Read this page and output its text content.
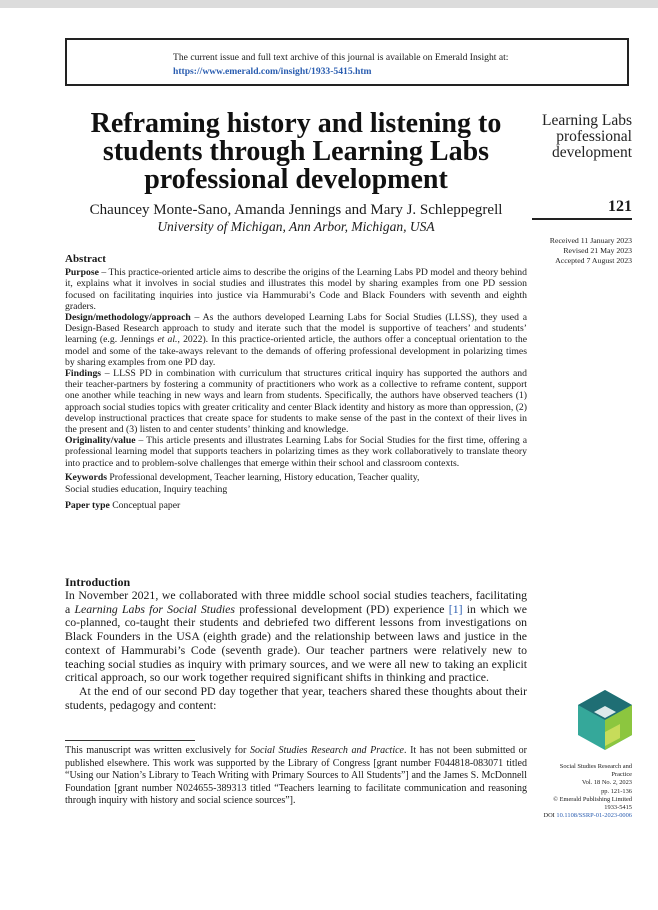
The current issue and full text archive of this journal is available on Emerald Insight at:
https://www.emerald.com/insight/1933-5415.htm
Reframing history and listening to students through Learning Labs professional development
Learning Labs professional development
121
Received 11 January 2023
Revised 21 May 2023
Accepted 7 August 2023
Chauncey Monte-Sano, Amanda Jennings and Mary J. Schleppegrell
University of Michigan, Ann Arbor, Michigan, USA
Abstract

Purpose – This practice-oriented article aims to describe the origins of the Learning Labs PD model and theory behind it, explains what it involves in social studies and illustrates this model by sharing examples from one PD session focused on facilitating inquiries into justice via Hammurabi’s Code and Black Founders with seventh and eighth graders.

Design/methodology/approach – As the authors developed Learning Labs for Social Studies (LLSS), they used a Design-Based Research approach to study and iterate such that the model is supportive of teachers’ and students’ learning (e.g. Jennings et al., 2022). In this practice-oriented article, the authors offer a conceptual orientation to the model and some of the take-aways relevant to the demands of offering professional development in polarizing times by sharing examples from one PD day.

Findings – LLSS PD in combination with curriculum that structures critical inquiry has supported the authors and their teacher-partners by fostering a community of practitioners who work as a collective to reframe content, support one another while teaching in new ways and learn from students. Specifically, the authors have observed teachers (1) approach social studies topics with greater criticality and center Black identity and history as more than oppression, (2) develop instructional practices that create space for students to make sense of the past in the context of their lives in the present and (3) listen to and center students’ thinking and knowledge.

Originality/value – This article presents and illustrates Learning Labs for Social Studies for the first time, offering a professional learning model that supports teachers in polarizing times as they work collaboratively to translate theory into practice and to problem-solve challenges that emerge within their school and classroom contexts.

Keywords Professional development, Teacher learning, History education, Teacher quality,
Social studies education, Inquiry teaching

Paper type Conceptual paper

Introduction

In November 2021, we collaborated with three middle school social studies teachers, facilitating a Learning Labs for Social Studies professional development (PD) experience [1] in which we co-planned, co-taught their students and debriefed two different lessons from investigations on Black Founders in the USA (eighth grade) and the relationship between laws and justice in the context of Hammurabi’s Code (seventh grade). Our teacher partners were relatively new to teaching social studies as inquiry with primary sources, and we were all new to taking an explicit critical approach, so our work together required significant shifts in thinking and practice.

At the end of our second PD day together that year, teachers shared these thoughts about their students, pedagogy and content:

This manuscript was written exclusively for Social Studies Research and Practice. It has not been submitted or published elsewhere. This work was supported by the Library of Congress [grant number F044818-083071 titled “Using our Nation’s Library to Teach Writing with Primary Sources to All Students”] and the James S. McDonnell Foundation [grant number N024655-389313 titled “Teachers learning to facilitate communication and reasoning through inquiry with history and social science sources”].
Social Studies Research and
Practice
Vol. 18 No. 2, 2023
pp. 121-136
© Emerald Publishing Limited
1933-5415
DOI 10.1108/SSRP-01-2023-0006
